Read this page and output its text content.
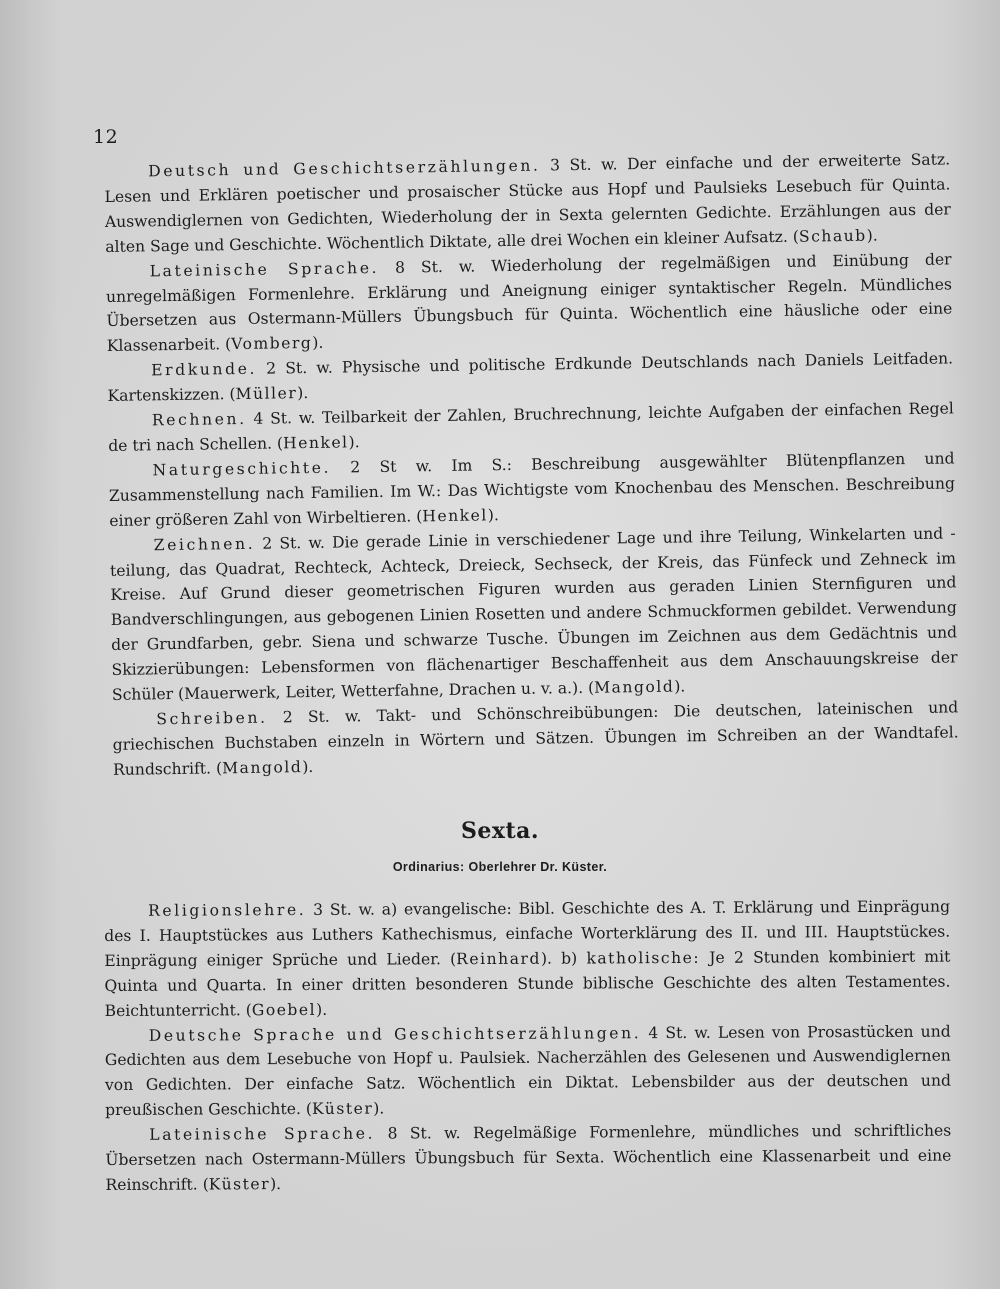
12

Deutsch und Geschichtserzählungen. 3 St. w. Der einfache und der erweiterte Satz. Lesen und Erklären poetischer und prosaischer Stücke aus Hopf und Paulsieks Lesebuch für Quinta. Auswendiglernen von Gedichten, Wiederholung der in Sexta gelernten Gedichte. Erzählungen aus der alten Sage und Geschichte. Wöchentlich Diktate, alle drei Wochen ein kleiner Aufsatz. (Schaub).

Lateinische Sprache. 8 St. w. Wiederholung der regelmäßigen und Einübung der unregelmäßigen Formenlehre. Erklärung und Aneignung einiger syntaktischer Regeln. Mündliches Übersetzen aus Ostermann-Müllers Übungsbuch für Quinta. Wöchentlich eine häusliche oder eine Klassenarbeit. (Vomberg).

Erdkunde. 2 St. w. Physische und politische Erdkunde Deutschlands nach Daniels Leitfaden. Kartenskizzen. (Müller).

Rechnen. 4 St. w. Teilbarkeit der Zahlen, Bruchrechnung, leichte Aufgaben der einfachen Regel de tri nach Schellen. (Henkel).

Naturgeschichte. 2 St w. Im S.: Beschreibung ausgewählter Blütenpflanzen und Zusammenstellung nach Familien. Im W.: Das Wichtigste vom Knochenbau des Menschen. Beschreibung einer größeren Zahl von Wirbeltieren. (Henkel).

Zeichnen. 2 St. w. Die gerade Linie in verschiedener Lage und ihre Teilung, Winkelarten und -teilung, das Quadrat, Rechteck, Achteck, Dreieck, Sechseck, der Kreis, das Fünfeck und Zehneck im Kreise. Auf Grund dieser geometrischen Figuren wurden aus geraden Linien Sternfiguren und Bandverschlingungen, aus gebogenen Linien Rosetten und andere Schmuckformen gebildet. Verwendung der Grundfarben, gebr. Siena und schwarze Tusche. Übungen im Zeichnen aus dem Gedächtnis und Skizzierübungen: Lebensformen von flächenartiger Beschaffenheit aus dem Anschauungskreise der Schüler (Mauerwerk, Leiter, Wetterfahne, Drachen u. v. a.). (Mangold).

Schreiben. 2 St. w. Takt- und Schönschreibübungen: Die deutschen, lateinischen und griechischen Buchstaben einzeln in Wörtern und Sätzen. Übungen im Schreiben an der Wandtafel. Rundschrift. (Mangold).

Sexta.
Ordinarius: Oberlehrer Dr. Küster.

Religionslehre. 3 St. w. a) evangelische: Bibl. Geschichte des A. T. Erklärung und Einprägung des I. Hauptstückes aus Luthers Kathechismus, einfache Worterklärung des II. und III. Hauptstückes. Einprägung einiger Sprüche und Lieder. (Reinhard). b) katholische: Je 2 Stunden kombiniert mit Quinta und Quarta. In einer dritten besonderen Stunde biblische Geschichte des alten Testamentes. Beichtunterricht. (Goebel).

Deutsche Sprache und Geschichtserzählungen. 4 St. w. Lesen von Prosastücken und Gedichten aus dem Lesebuche von Hopf u. Paulsiek. Nacherzählen des Gelesenen und Auswendiglernen von Gedichten. Der einfache Satz. Wöchentlich ein Diktat. Lebensbilder aus der deutschen und preußischen Geschichte. (Küster).

Lateinische Sprache. 8 St. w. Regelmäßige Formenlehre, mündliches und schriftliches Übersetzen nach Ostermann-Müllers Übungsbuch für Sexta. Wöchentlich eine Klassenarbeit und eine Reinschrift. (Küster).
